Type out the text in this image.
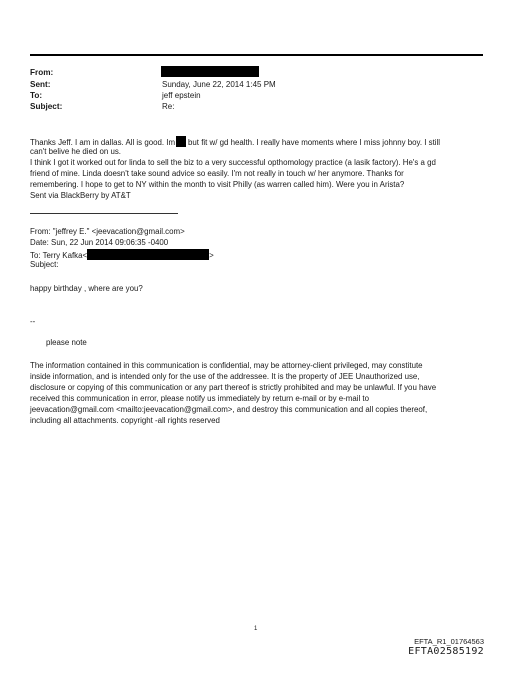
From:
Sent:
To:
Subject:
Sunday, June 22, 2014 1:45 PM
jeff epstein
Re:
Thanks Jeff. I am in dallas. All is good. Im but fit w/ gd health. I really have moments where I miss johnny boy. I still
can't belive he died on us.
I think I got it worked out for linda to sell the biz to a very successful opthomology practice (a lasik factory). He's a gd
friend of mine. Linda doesn't take sound advice so easily. I'm not really in touch w/ her anymore. Thanks for
remembering. I hope to get to NY within the month to visit Philly (as warren called him). Were you in Arista?
Sent via BlackBerry by AT&T
From: "jeffrey E." <jeevacation@gmail.com>
Date: Sun, 22 Jun 2014 09:06:35 -0400
To: Terry Kafka<	>
Subject:
happy birthday , where are you?
--
please note
The information contained in this communication is confidential, may be attorney-client privileged, may constitute
inside information, and is intended only for the use of the addressee. It is the property of JEE Unauthorized use,
disclosure or copying of this communication or any part thereof is strictly prohibited and may be unlawful. If you have
received this communication in error, please notify us immediately by return e-mail or by e-mail to
jeevacation@gmail.com <mailto:jeevacation@gmail.com>, and destroy this communication and all copies thereof,
including all attachments. copyright -all rights reserved
1
EFTA_R1_01764563
EFTA02585192
